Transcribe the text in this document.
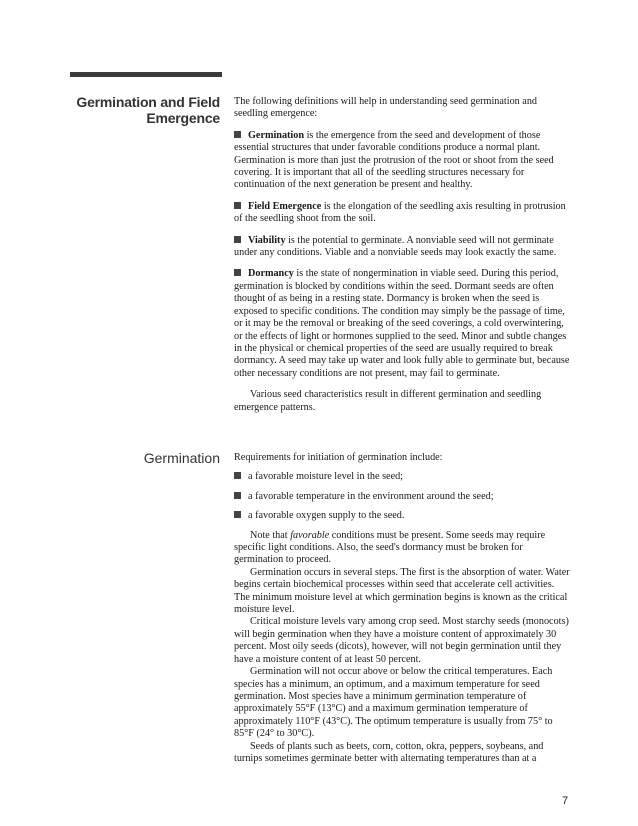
Germination and Field
Emergence

The following definitions will help in understanding seed germination and seedling emergence:

Germination is the emergence from the seed and development of those essential structures that under favorable conditions produce a normal plant. Germination is more than just the protrusion of the root or shoot from the seed covering. It is important that all of the seedling structures necessary for continuation of the next generation be present and healthy.

Field Emergence is the elongation of the seedling axis resulting in protrusion of the seedling shoot from the soil.

Viability is the potential to germinate. A nonviable seed will not germinate under any conditions. Viable and a nonviable seeds may look exactly the same.

Dormancy is the state of nongermination in viable seed. During this period, germination is blocked by conditions within the seed. Dormant seeds are often thought of as being in a resting state. Dormancy is broken when the seed is exposed to specific conditions. The condition may simply be the passage of time, or it may be the removal or breaking of the seed coverings, a cold overwintering, or the effects of light or hormones supplied to the seed. Minor and subtle changes in the physical or chemical properties of the seed are usually required to break dormancy. A seed may take up water and look fully able to germinate but, because other necessary conditions are not present, may fail to germinate.

Various seed characteristics result in different germination and seedling emergence patterns.

Germination Requirements for initiation of germination include:

a favorable moisture level in the seed;

a favorable temperature in the environment around the seed;

a favorable oxygen supply to the seed.

Note that favorable conditions must be present. Some seeds may require specific light conditions. Also, the seed's dormancy must be broken for germination to proceed.

Germination occurs in several steps. The first is the absorption of water. Water begins certain biochemical processes within seed that accelerate cell activities. The minimum moisture level at which germination begins is known as the critical moisture level.

Critical moisture levels vary among crop seed. Most starchy seeds (monocots) will begin germination when they have a moisture content of approximately 30 percent. Most oily seeds (dicots), however, will not begin germination until they have a moisture content of at least 50 percent.

Germination will not occur above or below the critical temperatures. Each species has a minimum, an optimum, and a maximum temperature for seed germination. Most species have a minimum germination temperature of approximately 55°F (13°C) and a maximum germination temperature of approximately 110°F (43°C). The optimum temperature is usually from 75° to 85°F (24° to 30°C).

Seeds of plants such as beets, corn, cotton, okra, peppers, soybeans, and turnips sometimes germinate better with alternating temperatures than at a

7
